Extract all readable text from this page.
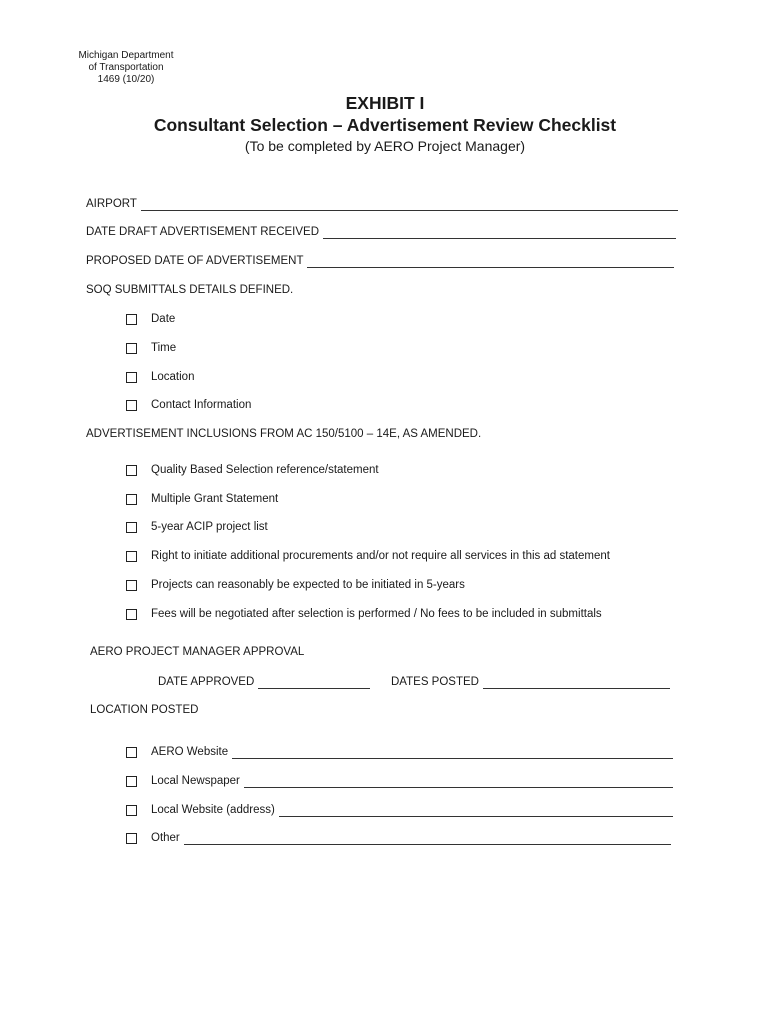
Michigan Department
of Transportation
1469 (10/20)
EXHIBIT I
Consultant Selection – Advertisement Review Checklist
(To be completed by AERO Project Manager)
AIRPORT
DATE DRAFT ADVERTISEMENT RECEIVED
PROPOSED DATE OF ADVERTISEMENT
SOQ SUBMITTALS DETAILS DEFINED.
Date
Time
Location
Contact Information
ADVERTISEMENT INCLUSIONS FROM AC 150/5100 – 14E, AS AMENDED.
Quality Based Selection reference/statement
Multiple Grant Statement
5-year ACIP project list
Right to initiate additional procurements and/or not require all services in this ad statement
Projects can reasonably be expected to be initiated in 5-years
Fees will be negotiated after selection is performed / No fees to be included in submittals
AERO PROJECT MANAGER APPROVAL
DATE APPROVED	DATES POSTED
LOCATION POSTED
AERO Website
Local Newspaper
Local Website (address)
Other
